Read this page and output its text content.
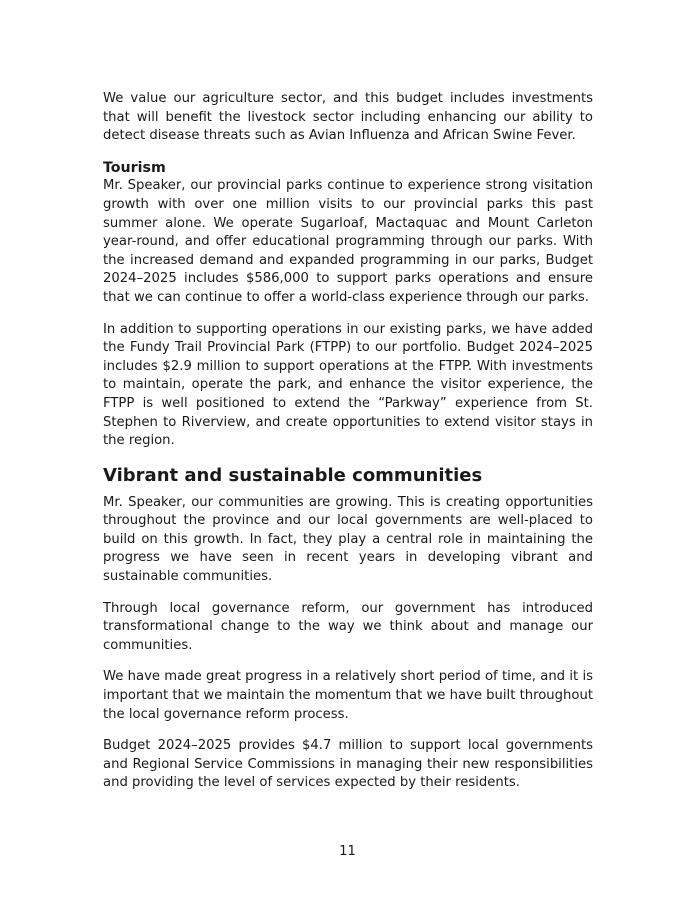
We value our agriculture sector, and this budget includes investments that will benefit the livestock sector including enhancing our ability to detect disease threats such as Avian Influenza and African Swine Fever.

Tourism

Mr. Speaker, our provincial parks continue to experience strong visitation growth with over one million visits to our provincial parks this past summer alone. We operate Sugarloaf, Mactaquac and Mount Carleton year-round, and offer educational programming through our parks. With the increased demand and expanded programming in our parks, Budget 2024–2025 includes $586,000 to support parks operations and ensure that we can continue to offer a world-class experience through our parks.

In addition to supporting operations in our existing parks, we have added the Fundy Trail Provincial Park (FTPP) to our portfolio. Budget 2024–2025 includes $2.9 million to support operations at the FTPP. With investments to maintain, operate the park, and enhance the visitor experience, the FTPP is well positioned to extend the “Parkway” experience from St. Stephen to Riverview, and create opportunities to extend visitor stays in the region.

Vibrant and sustainable communities

Mr. Speaker, our communities are growing. This is creating opportunities throughout the province and our local governments are well-placed to build on this growth. In fact, they play a central role in maintaining the progress we have seen in recent years in developing vibrant and sustainable communities.

Through local governance reform, our government has introduced transformational change to the way we think about and manage our communities.

We have made great progress in a relatively short period of time, and it is important that we maintain the momentum that we have built throughout the local governance reform process.

Budget 2024–2025 provides $4.7 million to support local governments and Regional Service Commissions in managing their new responsibilities and providing the level of services expected by their residents.

11
